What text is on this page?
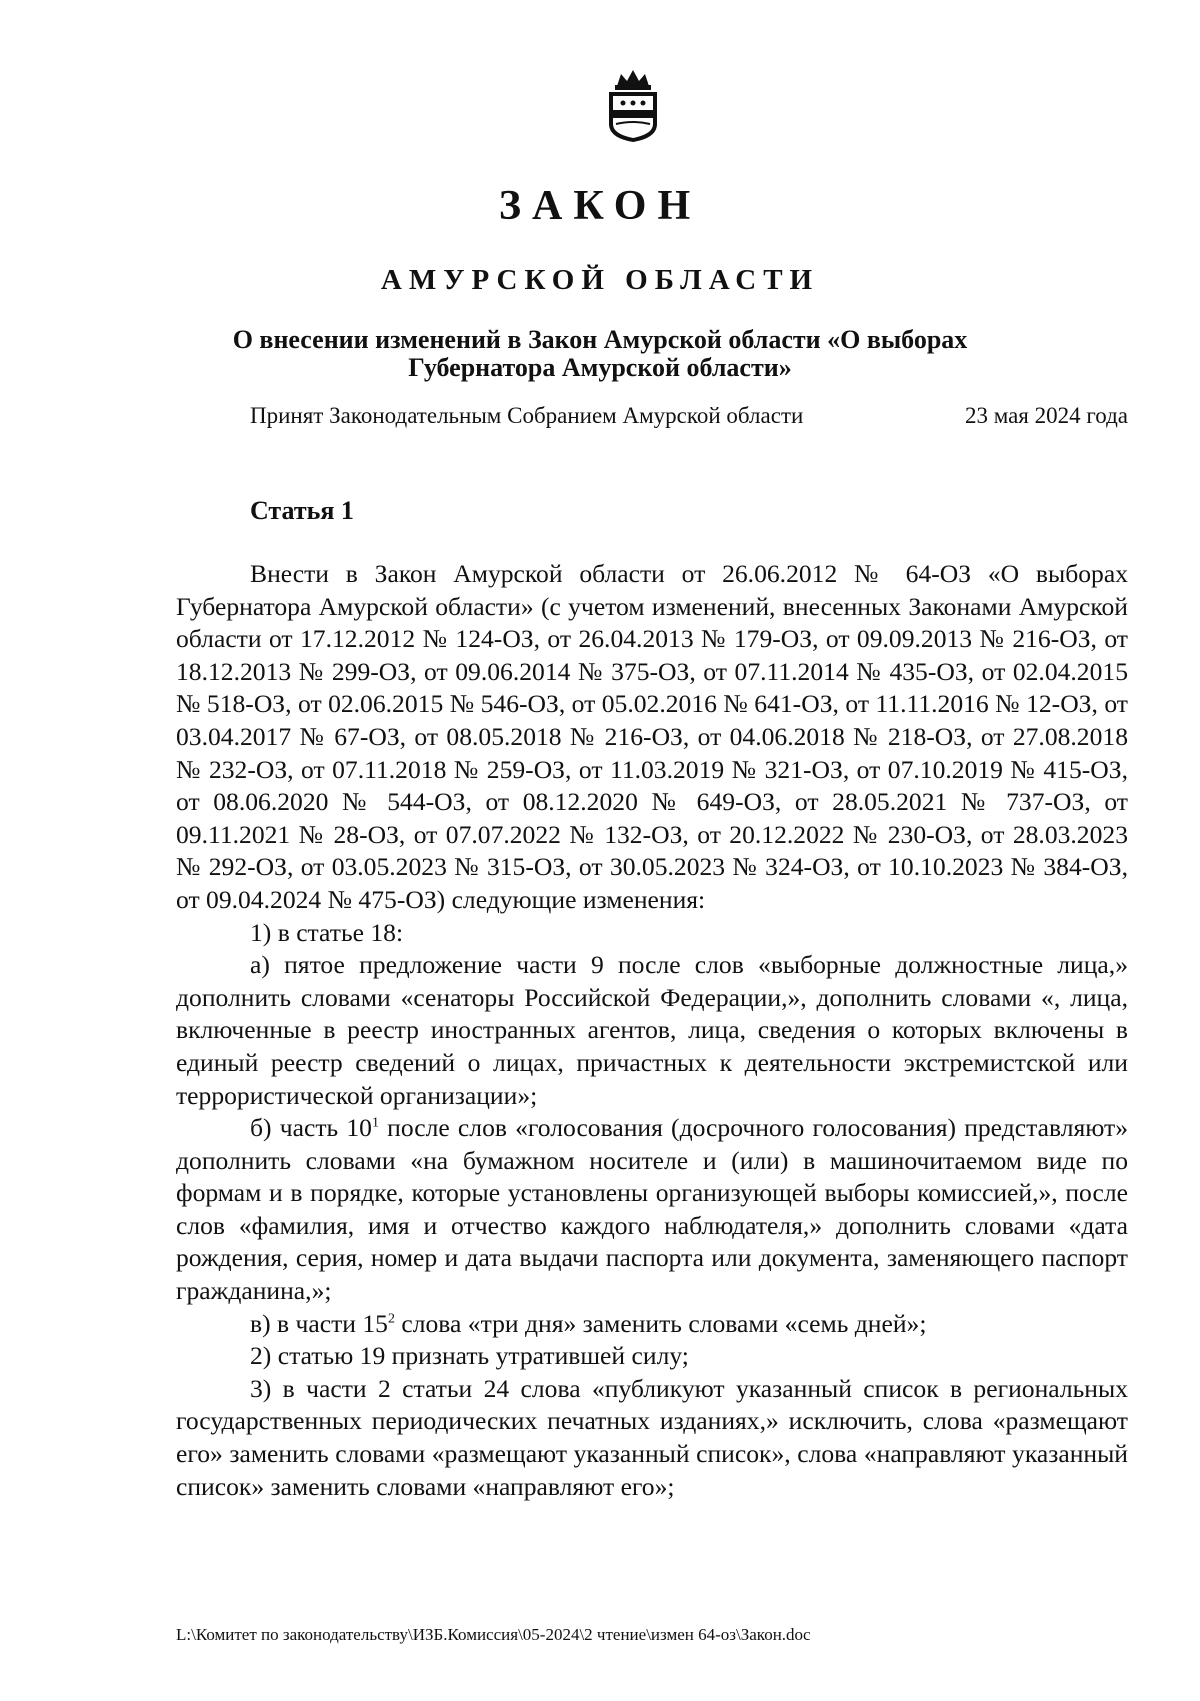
ЗАКОН
АМУРСКОЙ ОБЛАСТИ
О внесении изменений в Закон Амурской области «О выборах
Губернатора Амурской области»
Принят Законодательным Собранием Амурской области	23 мая 2024 года
Статья 1

Внести в Закон Амурской области от 26.06.2012 № 64-ОЗ «О выборах Губернатора Амурской области» (с учетом изменений, внесенных Законами Амурской области от 17.12.2012 № 124-ОЗ, от 26.04.2013 № 179-ОЗ, от 09.09.2013 № 216-ОЗ, от 18.12.2013 № 299-ОЗ, от 09.06.2014 № 375-ОЗ, от 07.11.2014 № 435-ОЗ, от 02.04.2015 № 518-ОЗ, от 02.06.2015 № 546-ОЗ, от 05.02.2016 № 641-ОЗ, от 11.11.2016 № 12-ОЗ, от 03.04.2017 № 67-ОЗ, от 08.05.2018 № 216-ОЗ, от 04.06.2018 № 218-ОЗ, от 27.08.2018 № 232-ОЗ, от 07.11.2018 № 259-ОЗ, от 11.03.2019 № 321-ОЗ, от 07.10.2019 № 415-ОЗ, от 08.06.2020 № 544-ОЗ, от 08.12.2020 № 649-ОЗ, от 28.05.2021 № 737-ОЗ, от 09.11.2021 № 28-ОЗ, от 07.07.2022 № 132-ОЗ, от 20.12.2022 № 230-ОЗ, от 28.03.2023 № 292-ОЗ, от 03.05.2023 № 315-ОЗ, от 30.05.2023 № 324-ОЗ, от 10.10.2023 № 384-ОЗ, от 09.04.2024 № 475-ОЗ) следующие изменения:

1) в статье 18:

а) пятое предложение части 9 после слов «выборные должностные лица,» дополнить словами «сенаторы Российской Федерации,», дополнить словами «, лица, включенные в реестр иностранных агентов, лица, сведения о которых включены в единый реестр сведений о лицах, причастных к деятельности экстремистской или террористической организации»;

б) часть $10^1$ после слов «голосования (досрочного голосования) представляют» дополнить словами «на бумажном носителе и (или) в машиночитаемом виде по формам и в порядке, которые установлены организующей выборы комиссией,», после слов «фамилия, имя и отчество каждого наблюдателя,» дополнить словами «дата рождения, серия, номер и дата выдачи паспорта или документа, заменяющего паспорт гражданина,»;

в) в части $15^2$ слова «три дня» заменить словами «семь дней»;

2) статью 19 признать утратившей силу;

3) в части 2 статьи 24 слова «публикуют указанный список в региональных государственных периодических печатных изданиях,» исключить, слова «размещают его» заменить словами «размещают указанный список», слова «направляют указанный список» заменить словами «направляют его»;

L:\Комитет по законодательству\ИЗБ.Комиссия\05-2024\2 чтение\измен 64-оз\Закон.doc
